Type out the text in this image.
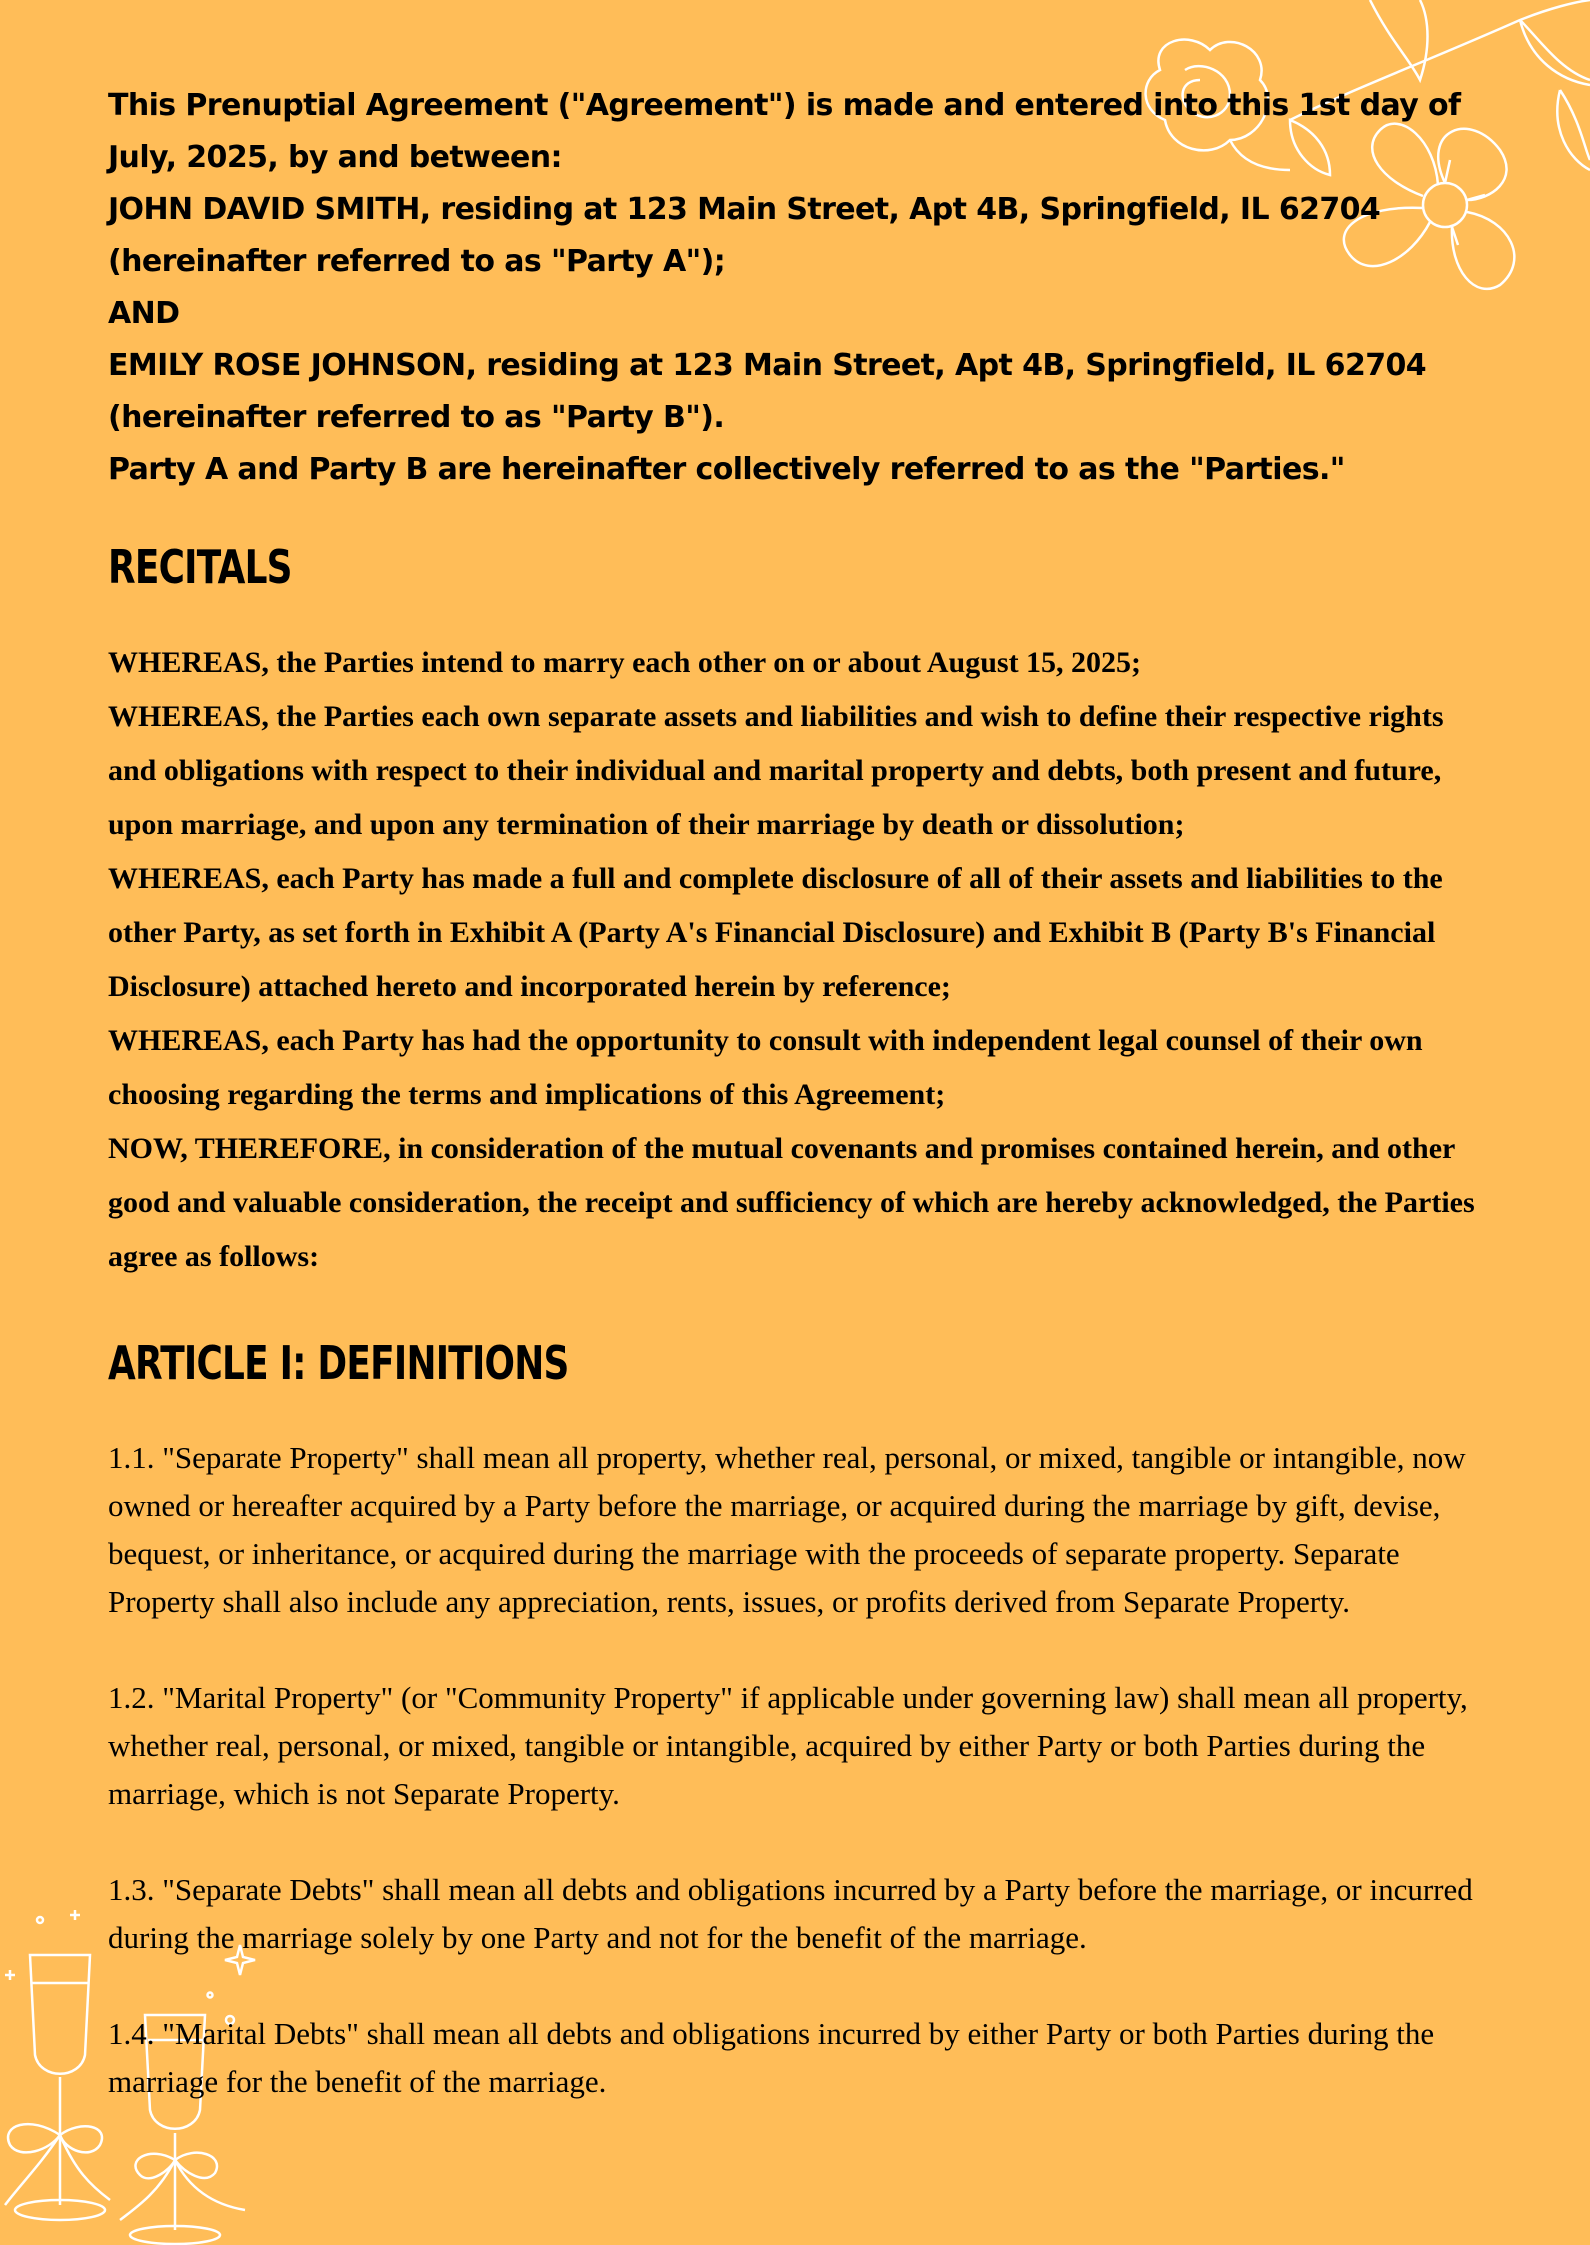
This Prenuptial Agreement ("Agreement") is made and entered into this 1st day of July, 2025, by and between:

JOHN DAVID SMITH, residing at 123 Main Street, Apt 4B, Springfield, IL 62704 (hereinafter referred to as "Party A");

AND

EMILY ROSE JOHNSON, residing at 123 Main Street, Apt 4B, Springfield, IL 62704 (hereinafter referred to as "Party B").

Party A and Party B are hereinafter collectively referred to as the "Parties."

RECITALS

WHEREAS, the Parties intend to marry each other on or about August 15, 2025;

WHEREAS, the Parties each own separate assets and liabilities and wish to define their respective rights and obligations with respect to their individual and marital property and debts, both present and future, upon marriage, and upon any termination of their marriage by death or dissolution;

WHEREAS, each Party has made a full and complete disclosure of all of their assets and liabilities to the other Party, as set forth in Exhibit A (Party A's Financial Disclosure) and Exhibit B (Party B's Financial Disclosure) attached hereto and incorporated herein by reference;

WHEREAS, each Party has had the opportunity to consult with independent legal counsel of their own choosing regarding the terms and implications of this Agreement;

NOW, THEREFORE, in consideration of the mutual covenants and promises contained herein, and other good and valuable consideration, the receipt and sufficiency of which are hereby acknowledged, the Parties agree as follows:

ARTICLE I: DEFINITIONS

1.1. "Separate Property" shall mean all property, whether real, personal, or mixed, tangible or intangible, now owned or hereafter acquired by a Party before the marriage, or acquired during the marriage by gift, devise, bequest, or inheritance, or acquired during the marriage with the proceeds of separate property. Separate Property shall also include any appreciation, rents, issues, or profits derived from Separate Property.

1.2. "Marital Property" (or "Community Property" if applicable under governing law) shall mean all property, whether real, personal, or mixed, tangible or intangible, acquired by either Party or both Parties during the marriage, which is not Separate Property.

1.3. "Separate Debts" shall mean all debts and obligations incurred by a Party before the marriage, or incurred during the marriage solely by one Party and not for the benefit of the marriage.

1.4. "Marital Debts" shall mean all debts and obligations incurred by either Party or both Parties during the marriage for the benefit of the marriage.
